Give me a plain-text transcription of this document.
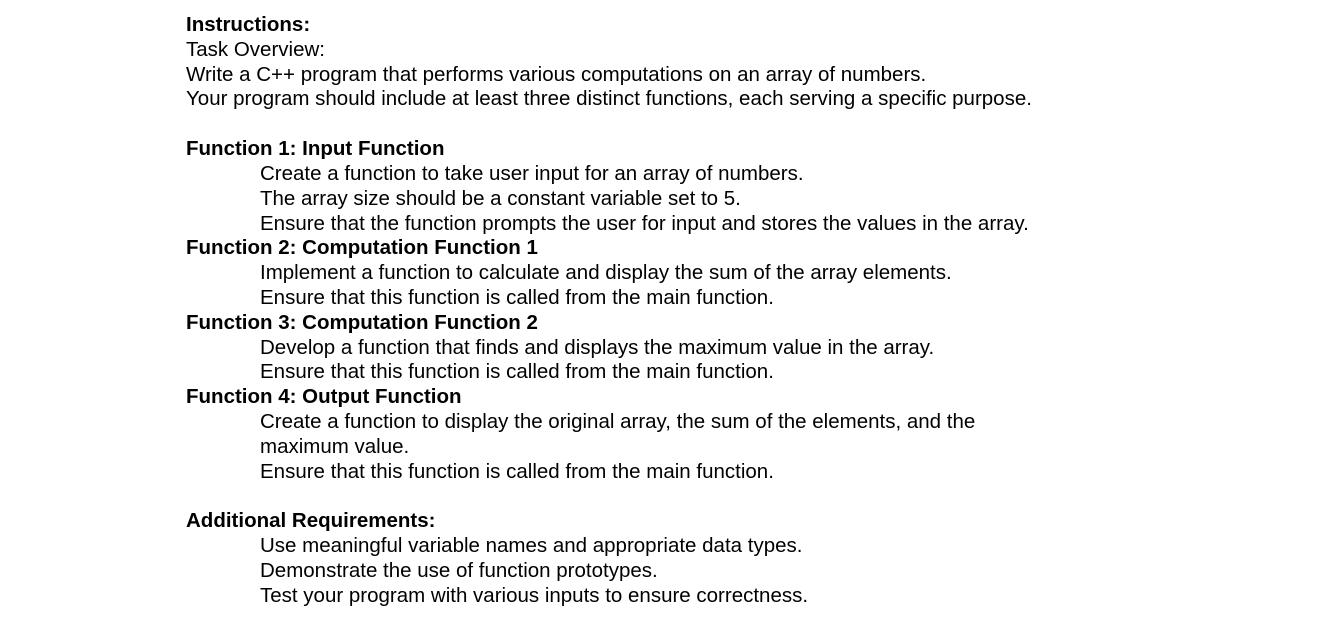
Instructions:
Task Overview:
Write a C++ program that performs various computations on an array of numbers.
Your program should include at least three distinct functions, each serving a specific purpose.
Function 1: Input Function
Create a function to take user input for an array of numbers.
The array size should be a constant variable set to 5.
Ensure that the function prompts the user for input and stores the values in the array.
Function 2: Computation Function 1
Implement a function to calculate and display the sum of the array elements.
Ensure that this function is called from the main function.
Function 3: Computation Function 2
Develop a function that finds and displays the maximum value in the array.
Ensure that this function is called from the main function.
Function 4: Output Function
Create a function to display the original array, the sum of the elements, and the maximum value.
Ensure that this function is called from the main function.
Additional Requirements:
Use meaningful variable names and appropriate data types.
Demonstrate the use of function prototypes.
Test your program with various inputs to ensure correctness.
